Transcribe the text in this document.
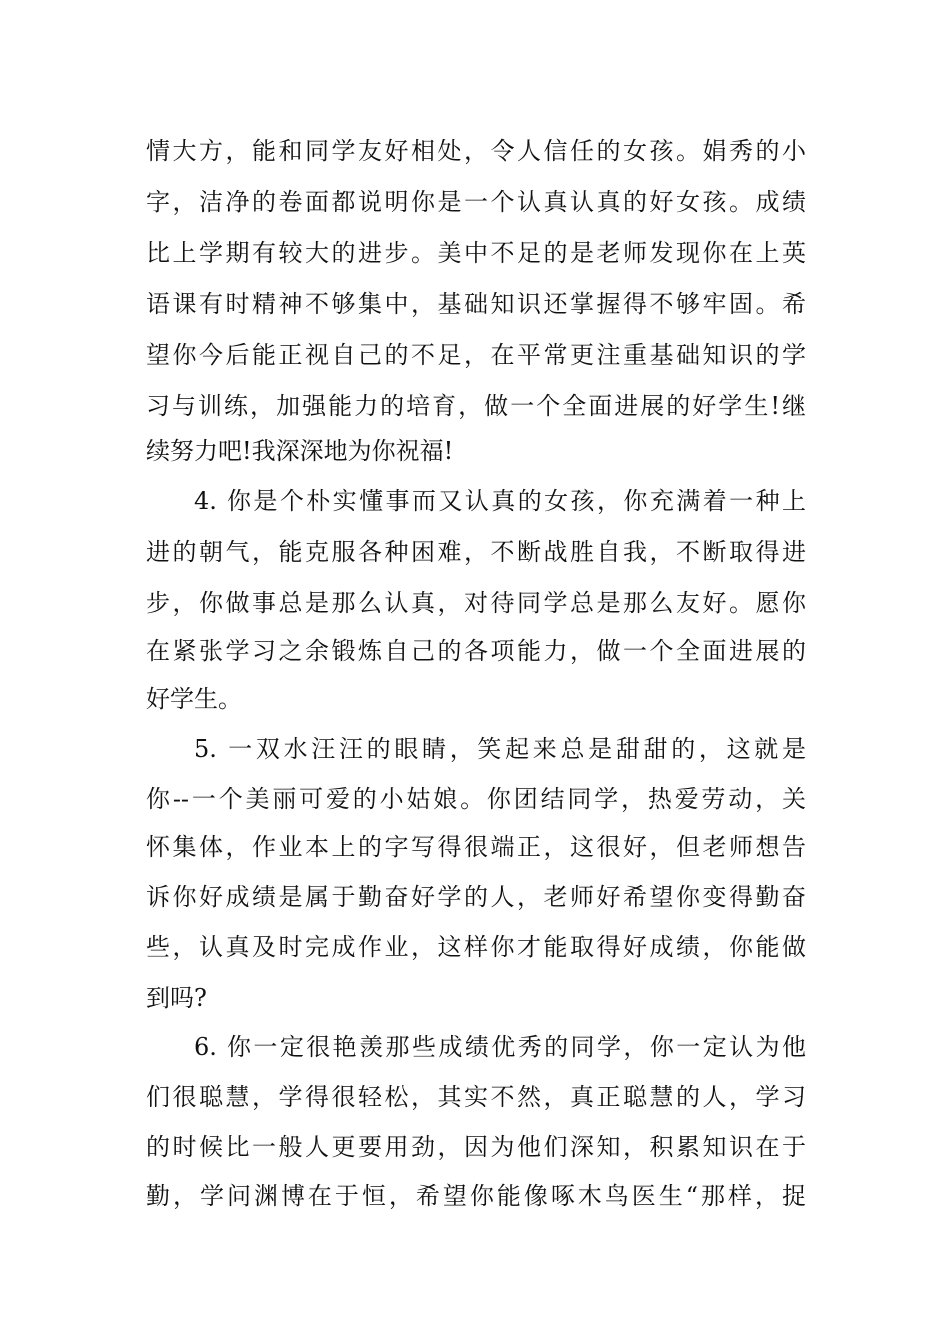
情大方，能和同学友好相处，令人信任的女孩。娟秀的小
字，洁净的卷面都说明你是一个认真认真的好女孩。成绩
比上学期有较大的进步。美中不足的是老师发现你在上英
语课有时精神不够集中，基础知识还掌握得不够牢固。希
望你今后能正视自己的不足，在平常更注重基础知识的学
习与训练，加强能力的培育，做一个全面进展的好学生!继
续努力吧!我深深地为你祝福!
4. 你是个朴实懂事而又认真的女孩，你充满着一种上
进的朝气，能克服各种困难，不断战胜自我，不断取得进
步，你做事总是那么认真，对待同学总是那么友好。愿你
在紧张学习之余锻炼自己的各项能力，做一个全面进展的
好学生。
5. 一双水汪汪的眼睛，笑起来总是甜甜的，这就是
你--一个美丽可爱的小姑娘。你团结同学，热爱劳动，关
怀集体，作业本上的字写得很端正，这很好，但老师想告
诉你好成绩是属于勤奋好学的人，老师好希望你变得勤奋
些，认真及时完成作业，这样你才能取得好成绩，你能做
到吗?
6. 你一定很艳羡那些成绩优秀的同学，你一定认为他
们很聪慧，学得很轻松，其实不然，真正聪慧的人，学习
的时候比一般人更要用劲，因为他们深知，积累知识在于
勤，学问渊博在于恒，希望你能像啄木鸟医生“那样，捉
